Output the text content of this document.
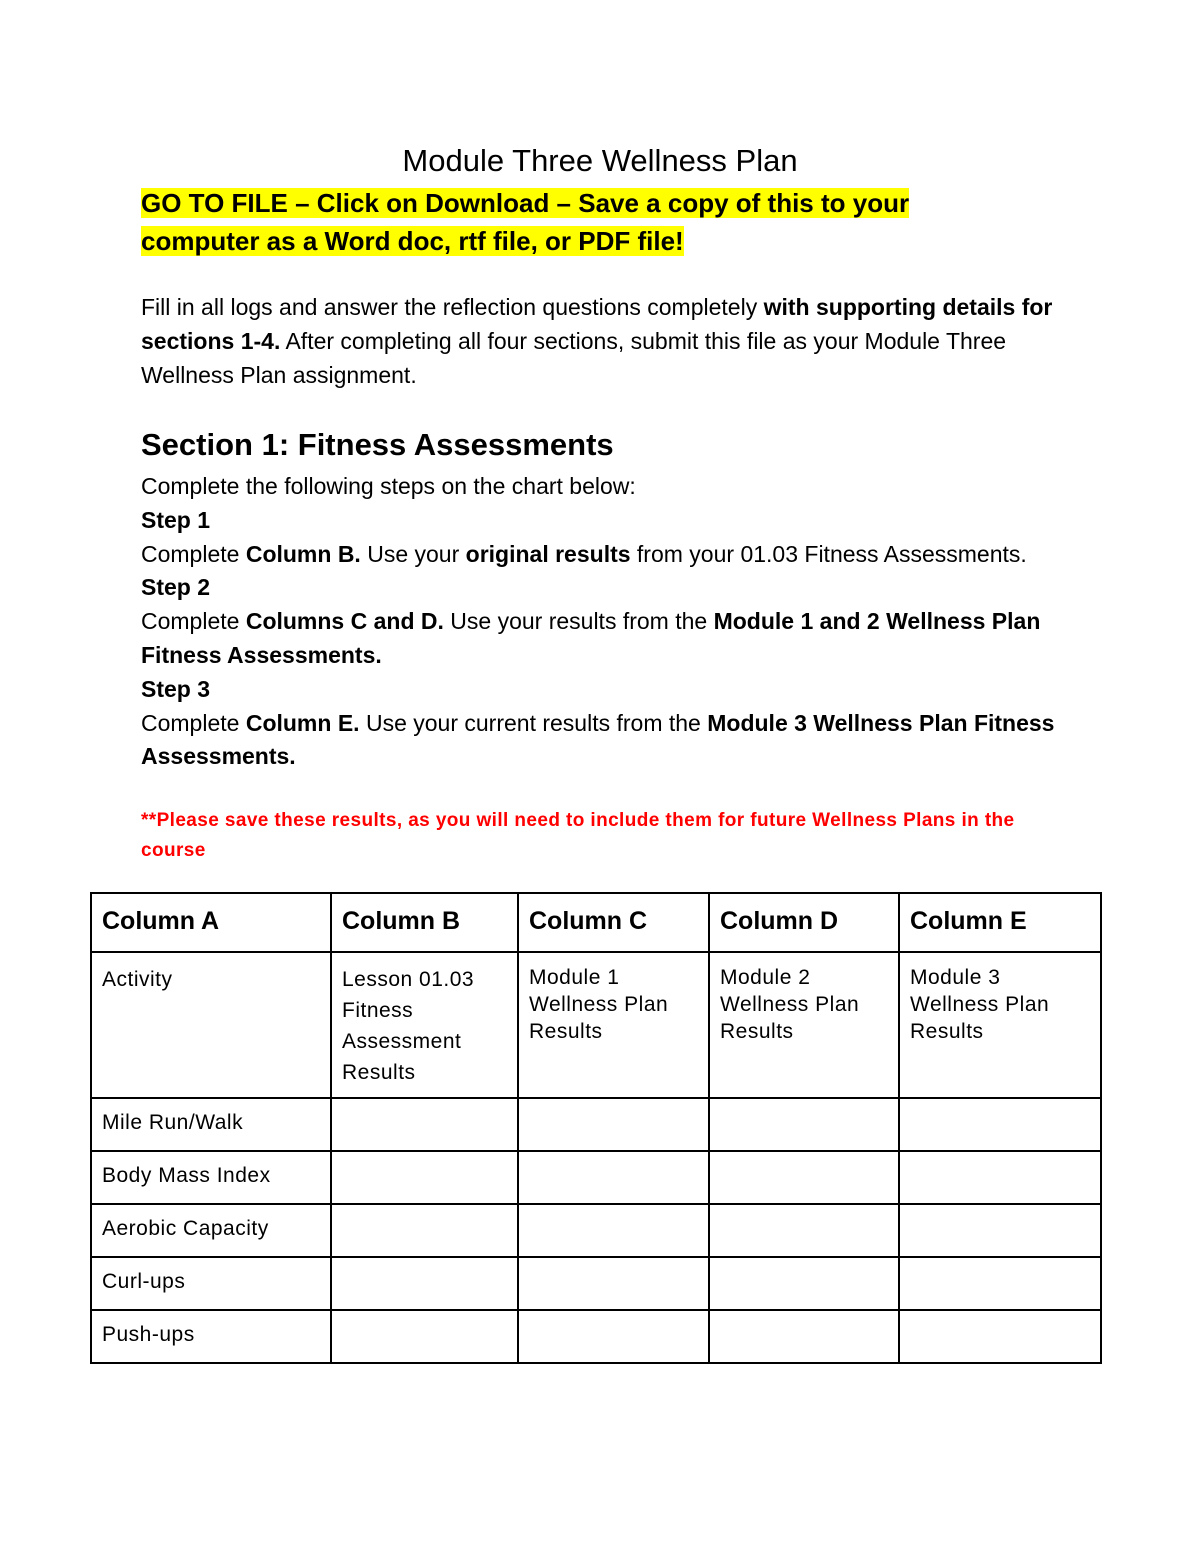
Module Three Wellness Plan
GO TO FILE – Click on Download – Save a copy of this to your
computer as a Word doc, rtf file, or PDF file!
Fill in all logs and answer the reflection questions completely with supporting details for sections 1-4. After completing all four sections, submit this file as your Module Three Wellness Plan assignment.
Section 1: Fitness Assessments

Complete the following steps on the chart below:

Step 1

Complete Column B. Use your original results from your 01.03 Fitness Assessments.

Step 2

Complete Columns C and D. Use your results from the Module 1 and 2 Wellness Plan Fitness Assessments.

Step 3

Complete Column E. Use your current results from the Module 3 Wellness Plan Fitness Assessments.

**Please save these results, as you will need to include them for future Wellness Plans in the course
Column A	Column B	Column C	Column D	Column E
Activity	Lesson 01.03 Fitness Assessment Results	Module 1 Wellness Plan Results	Module 2 Wellness Plan Results	Module 3 Wellness Plan Results
Mile Run/Walk				
Body Mass Index				
Aerobic Capacity				
Curl-ups				
Push-ups				
